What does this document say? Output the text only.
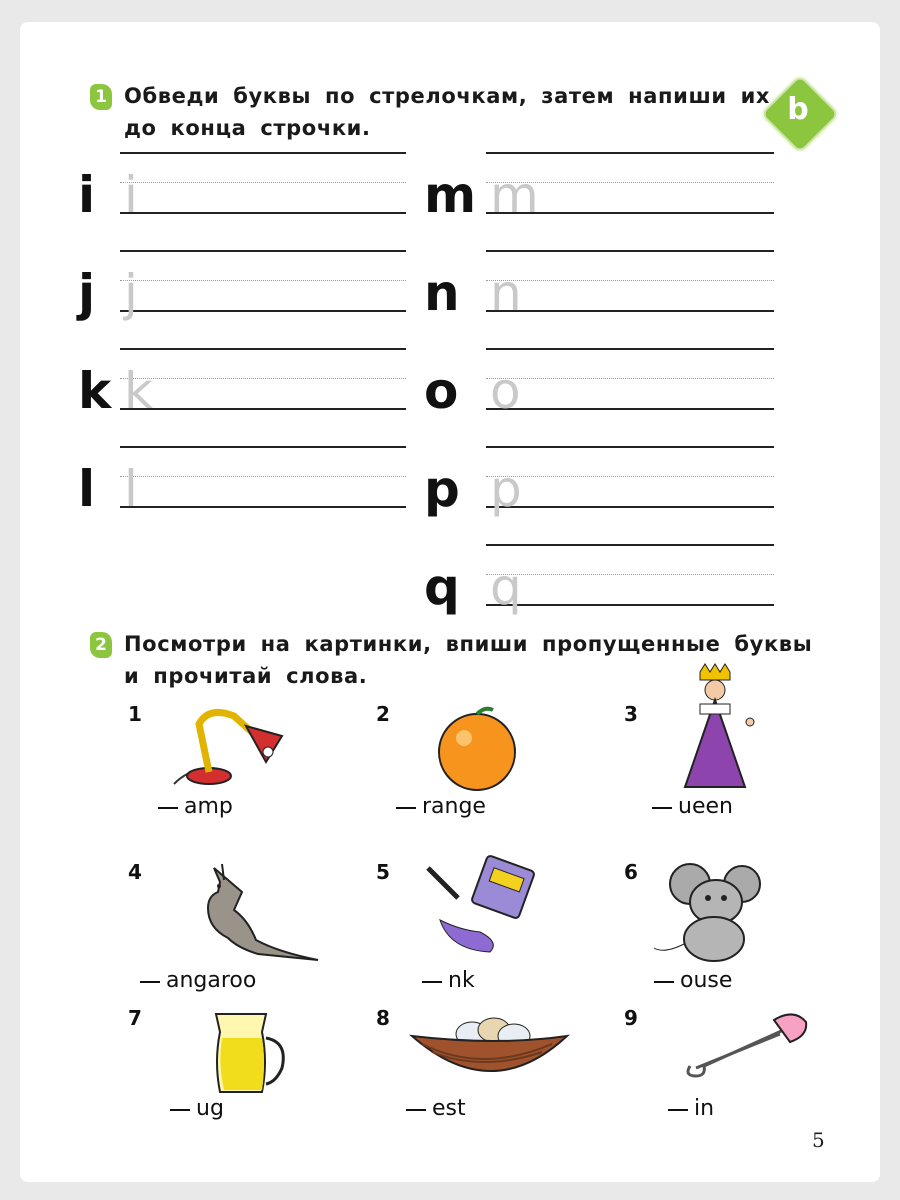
1 Обведи буквы по стрелочкам, затем напиши их
до конца строчки.
b
i i
j j
k k
l l
m m
n n
o o
p p
q q
2 Посмотри на картинки, впиши пропущенные буквы
и прочитай слова.
1
amp
2
range
3
ueen
4
angaroo
5
nk
6
ouse
7
ug
8
est
9
in
5
